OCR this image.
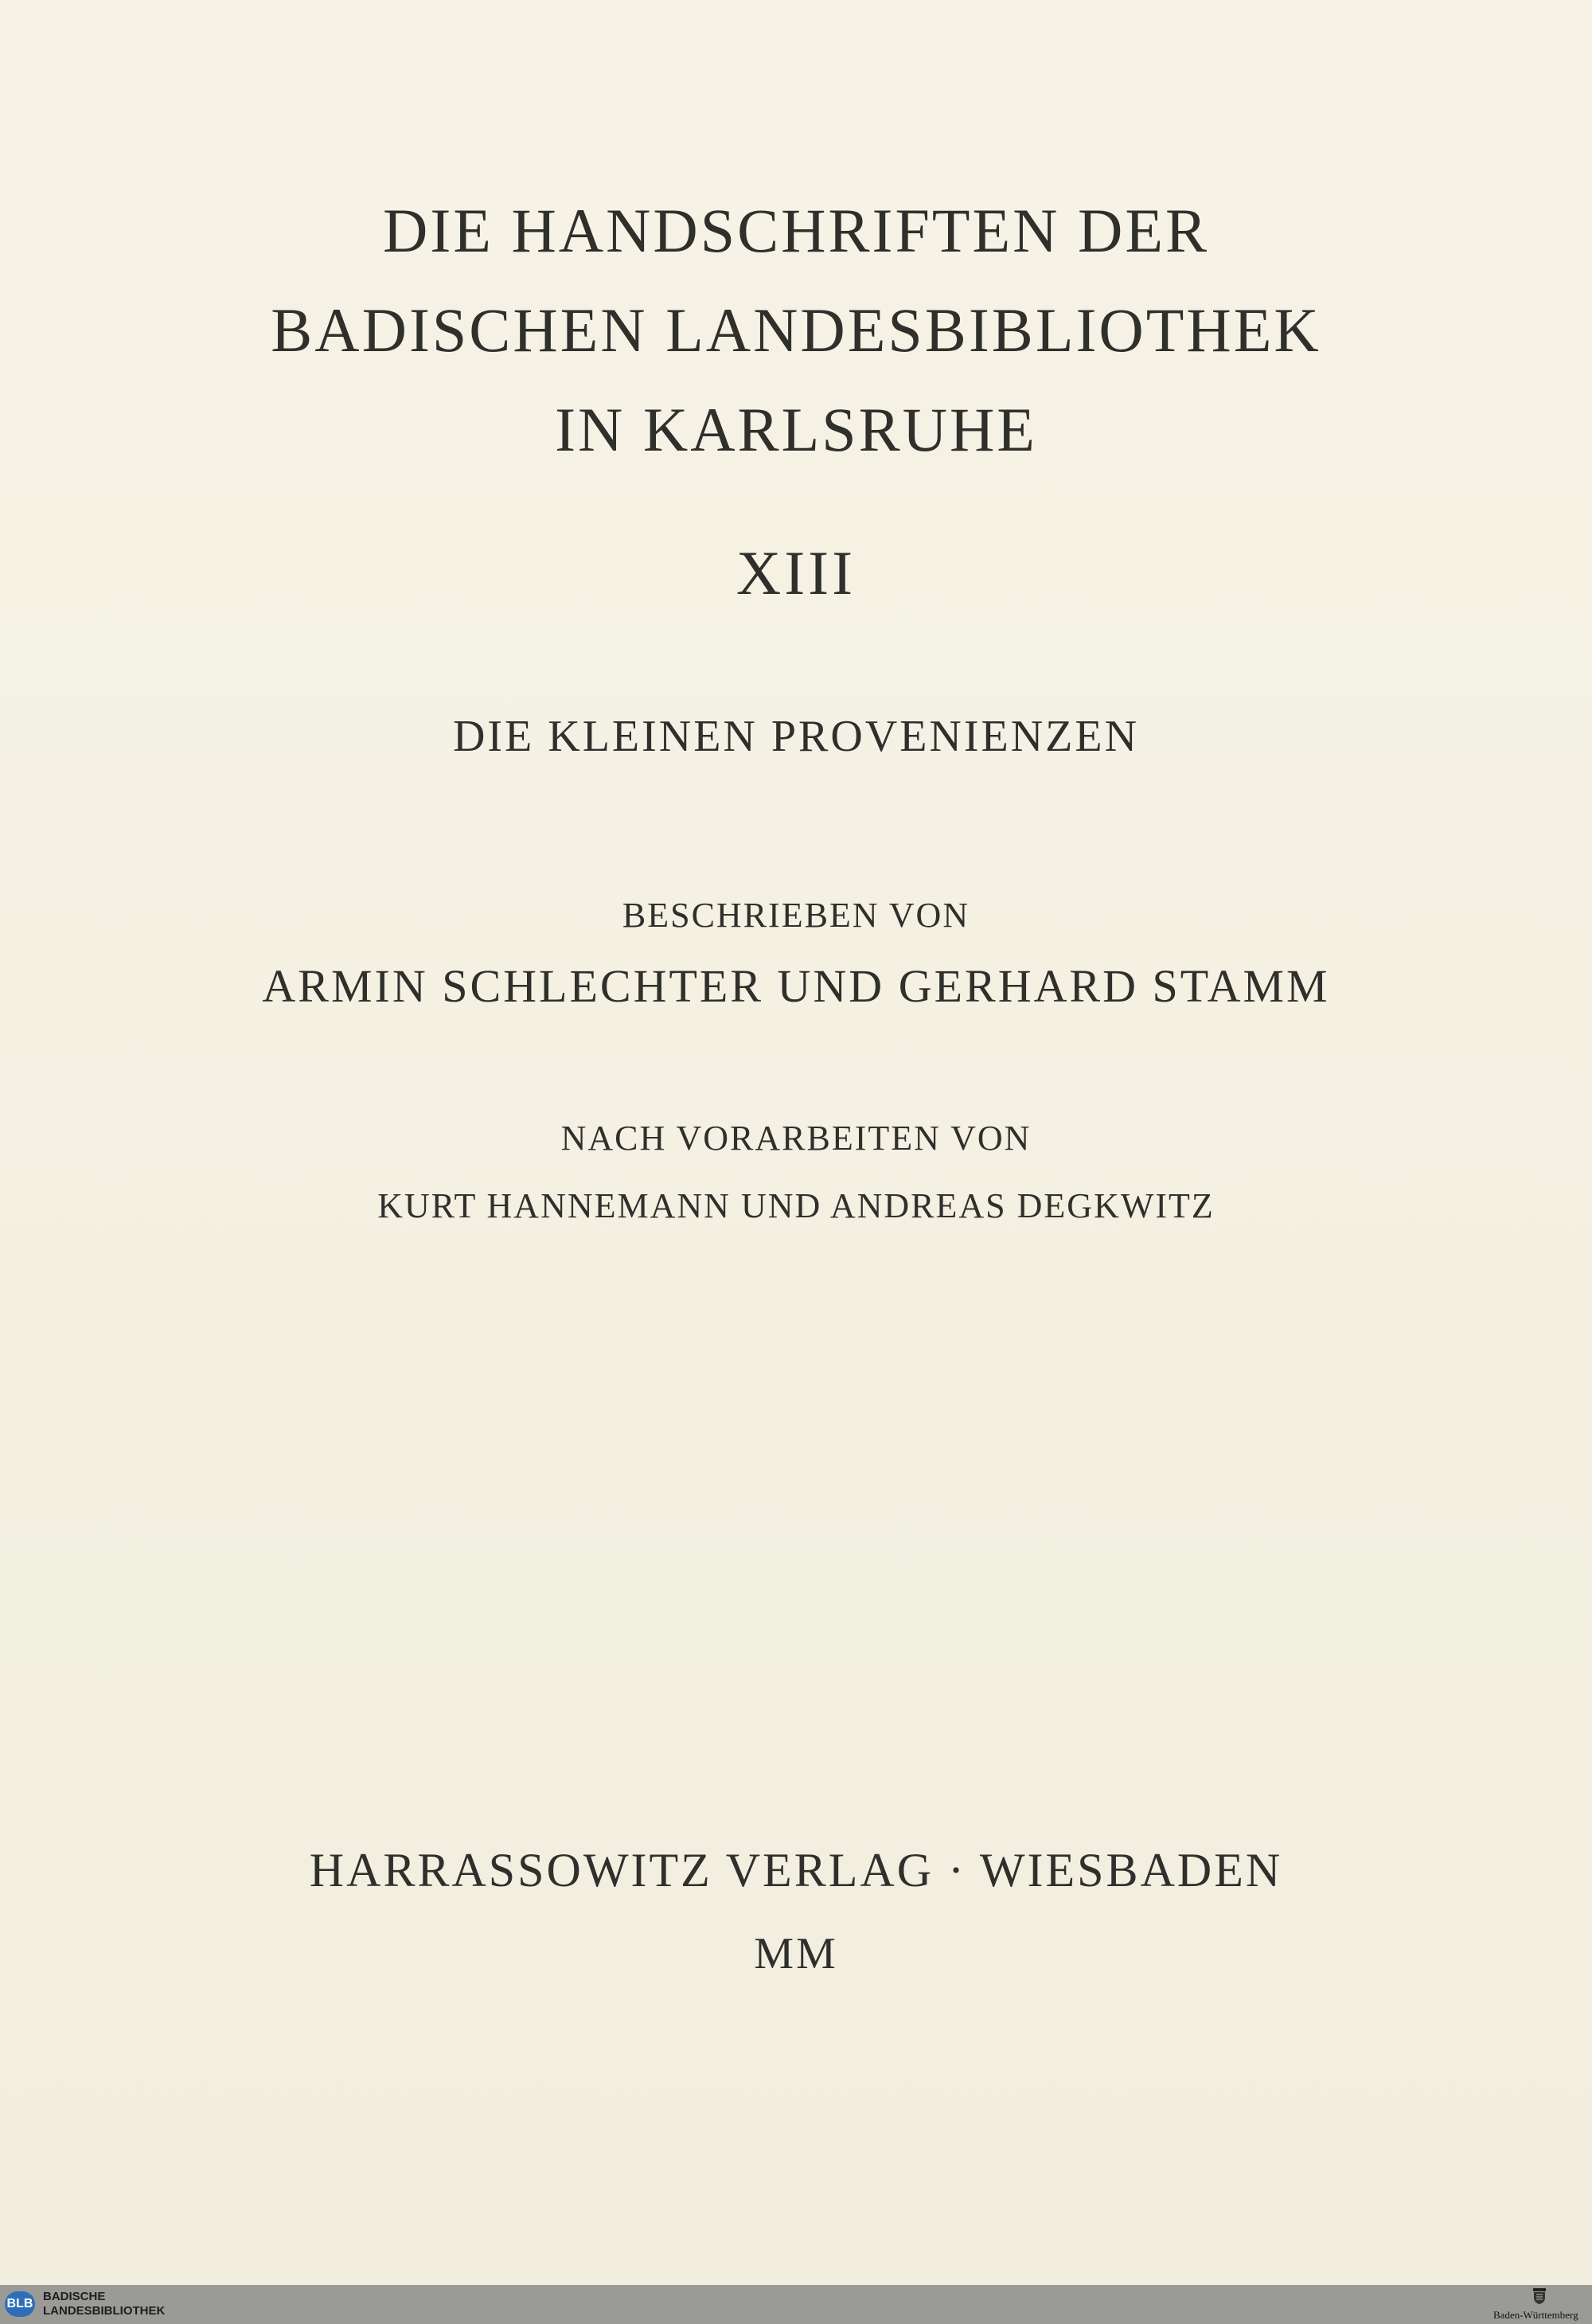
DIE HANDSCHRIFTEN DER
BADISCHEN LANDESBIBLIOTHEK
IN KARLSRUHE
XIII
DIE KLEINEN PROVENIENZEN
BESCHRIEBEN VON
ARMIN SCHLECHTER UND GERHARD STAMM
NACH VORARBEITEN VON
KURT HANNEMANN UND ANDREAS DEGKWITZ
HARRASSOWITZ VERLAG · WIESBADEN
MM
BLB
BADISCHE
LANDESBIBLIOTHEK	Baden-Württemberg
